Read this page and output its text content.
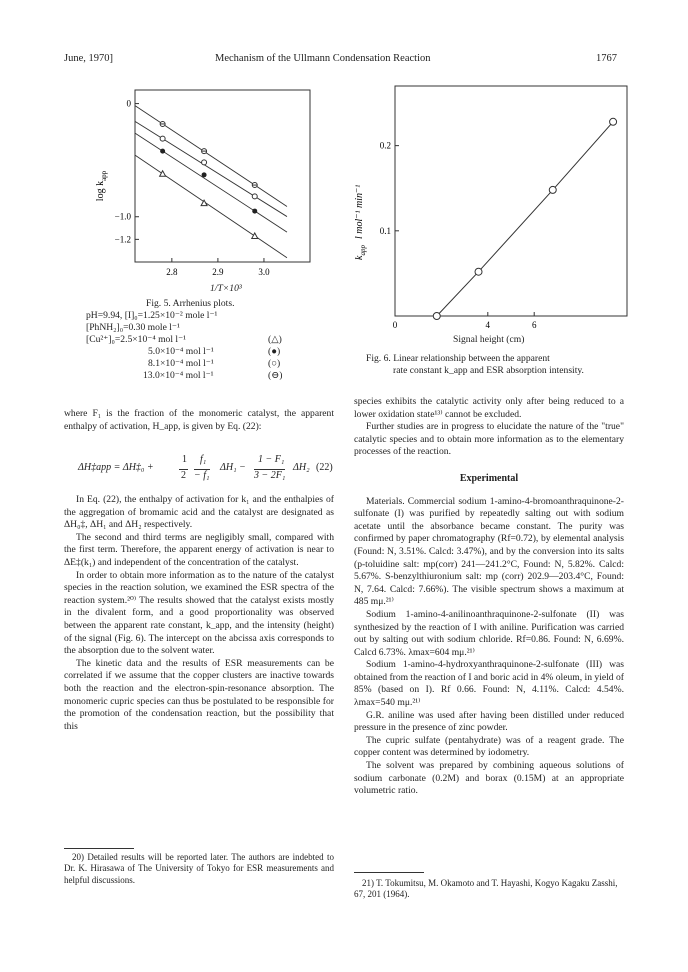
June, 1970]	Mechanism of the Ullmann Condensation Reaction	1767
2.8	2.9	3.0
0
−1.0
−1.2
$\log k_{app}$
1/T×10³
Fig. 5. Arrhenius plots.
pH=9.94, [I]₀=1.25×10⁻² mole l⁻¹
[PhNH₂]₀=0.30 mole l⁻¹
[Cu²⁺]₀=2.5×10⁻⁴ mol l⁻¹	(△)
5.0×10⁻⁴ mol l⁻¹	(●)
8.1×10⁻⁴ mol l⁻¹	(○)
13.0×10⁻⁴ mol l⁻¹	(⊖)
0	4	6
0.1
0.2
$k_{app}l$ mol⁻¹ min⁻¹
Signal height (cm)
Fig. 6. Linear relationship between the apparent
rate constant k_app and ESR absorption intensity.

where F₁ is the fraction of the monomeric catalyst, the apparent enthalpy of activation, H_app, is given by Eq. (22):

ΔH‡app = ΔH‡₀ +
1
2
f₁
− f₁
ΔH₁ −
1 − F₁
3 − 2F₁
ΔH₂ (22)

In Eq. (22), the enthalpy of activation for k₁ and the enthalpies of the aggregation of bromamic acid and the catalyst are designated as ΔH₀‡, ΔH₁ and ΔH₂ respectively.

The second and third terms are negligibly small, compared with the first term. Therefore, the apparent energy of activation is near to ΔE‡(k₁) and independent of the concentration of the catalyst.

In order to obtain more information as to the nature of the catalyst species in the reaction solution, we examined the ESR spectra of the reaction system.²⁰⁾ The results showed that the catalyst exists mostly in the divalent form, and a good proportionality was observed between the apparent rate constant, k_app, and the intensity (height) of the signal (Fig. 6). The intercept on the abcissa axis corresponds to the absorption due to the solvent water.

The kinetic data and the results of ESR measurements can be correlated if we assume that the copper clusters are inactive towards both the reaction and the electron-spin-resonance absorption. The monomeric cupric species can thus be postulated to be responsible for the promotion of the condensation reaction, but the possibility that this

20) Detailed results will be reported later. The authors are indebted to Dr. K. Hirasawa of The University of Tokyo for ESR measurements and helpful discussions.

species exhibits the catalytic activity only after being reduced to a lower oxidation state¹³⁾ cannot be excluded.

Further studies are in progress to elucidate the nature of the "true" catalytic species and to obtain more information as to the elementary processes of the reaction.

Experimental

Materials. Commercial sodium 1-amino-4-bromoanthraquinone-2-sulfonate (I) was purified by repeatedly salting out with sodium acetate until the absorbance became constant. The purity was confirmed by paper chromatography (Rf=0.72), by elemental analysis (Found: N, 3.51%. Calcd: 3.47%), and by the conversion into its salts (p-toluidine salt: mp(corr) 241—241.2°C, Found: N, 5.82%. Calcd: 5.67%. S-benzylthiuronium salt: mp (corr) 202.9—203.4°C, Found: N, 7.64. Calcd: 7.66%). The visible spectrum shows a maximum at 485 mμ.²¹⁾

Sodium 1-amino-4-anilinoanthraquinone-2-sulfonate (II) was synthesized by the reaction of I with aniline. Purification was carried out by salting out with sodium chloride. Rf=0.86. Found: N, 6.69%. Calcd 6.73%. λmax=604 mμ.²¹⁾

Sodium 1-amino-4-hydroxyanthraquinone-2-sulfonate (III) was obtained from the reaction of I and boric acid in 4% oleum, in yield of 85% (based on I). Rf 0.66. Found: N, 4.11%. Calcd: 4.54%. λmax=540 mμ.²¹⁾

G.R. aniline was used after having been distilled under reduced pressure in the presence of zinc powder.

The cupric sulfate (pentahydrate) was of a reagent grade. The copper content was determined by iodometry.

The solvent was prepared by combining aqueous solutions of sodium carbonate (0.2M) and borax (0.15M) at an appropriate volumetric ratio.

21) T. Tokumitsu, M. Okamoto and T. Hayashi, Kogyo Kagaku Zasshi, 67, 201 (1964).
